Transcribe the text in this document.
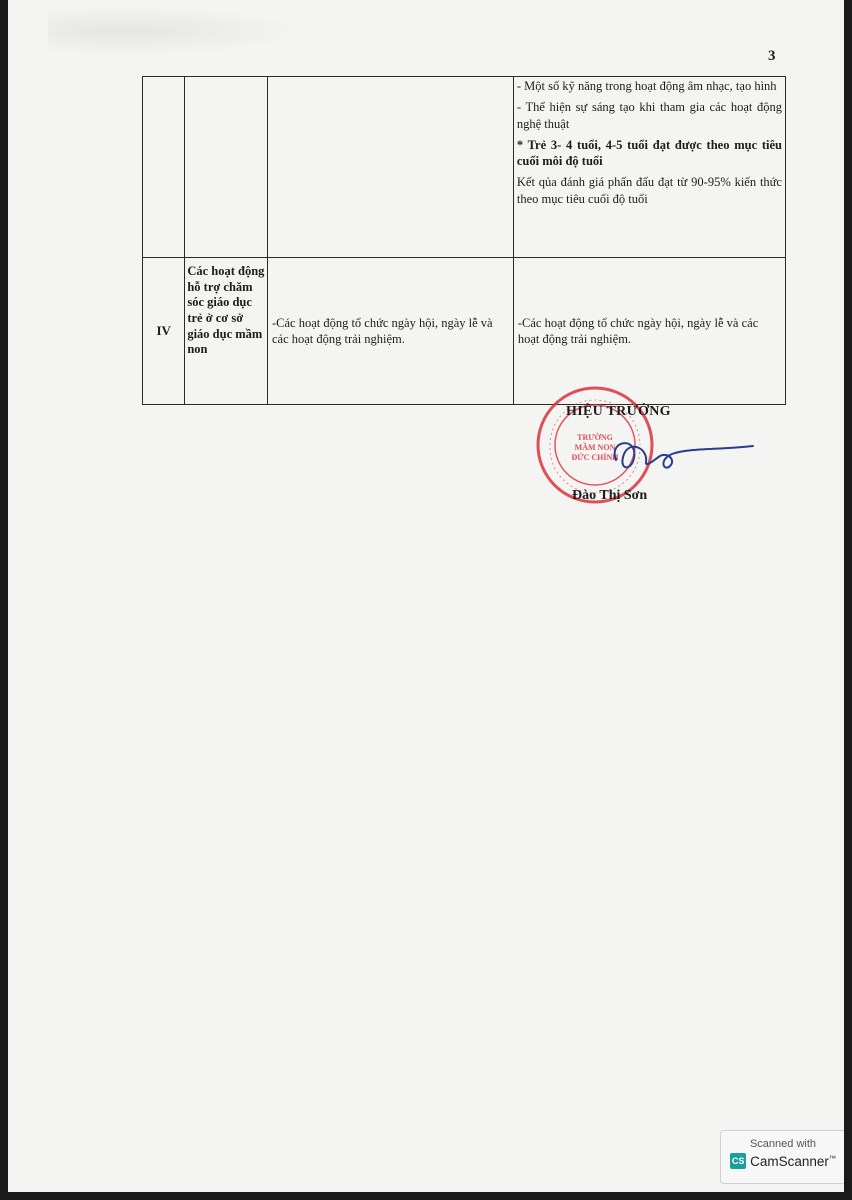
3

			- Một số kỹ năng trong hoạt động âm nhạc, tạo hình
- Thể hiện sự sáng tạo khi tham gia các hoạt động nghệ thuật
* Trẻ 3- 4 tuổi, 4-5 tuổi đạt được theo mục tiêu cuối môi độ tuổi
Kết qủa đánh giá phấn đấu đạt từ 90-95% kiến thức theo mục tiêu cuối độ tuổi

IV	Các hoạt động hỗ trợ chăm sóc giáo dục trẻ ở cơ sở giáo dục mầm non	-Các hoạt động tổ chức ngày hội, ngày lễ và các hoạt động trải nghiệm.	-Các hoạt động tổ chức ngày hội, ngày lễ và các hoạt động trải nghiệm.
TRƯỜNG
MẦM NON
ĐỨC CHÍNH
HIỆU TRƯỞNG
Đào Thị Sơn
Scanned with
CS CamScanner™
